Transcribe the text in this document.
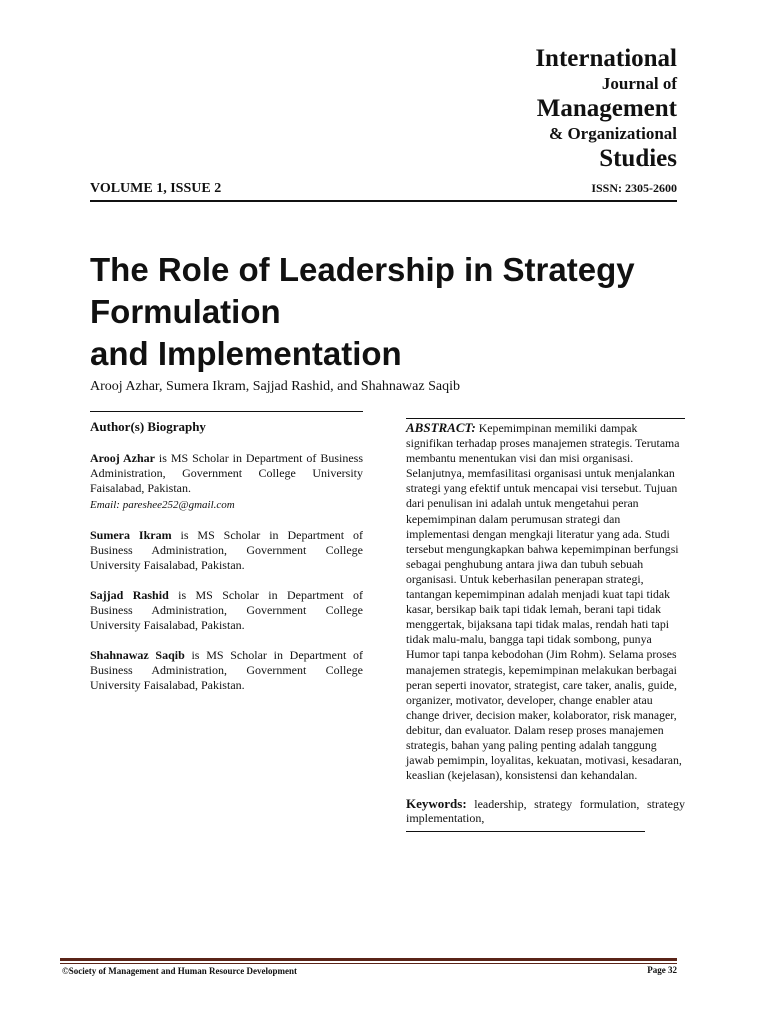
International
Journal of
Management
& Organizational
Studies
VOLUME 1, ISSUE 2	ISSN: 2305-2600
The Role of Leadership in Strategy
Formulation
and Implementation
Arooj Azhar, Sumera Ikram, Sajjad Rashid, and Shahnawaz Saqib
Author(s) Biography
Arooj Azhar is MS Scholar in Department of Business Administration, Government College University Faisalabad, Pakistan.
Email: pareshee252@gmail.com
Sumera Ikram is MS Scholar in Department of Business Administration, Government College University Faisalabad, Pakistan.
Sajjad Rashid is MS Scholar in Department of Business Administration, Government College University Faisalabad, Pakistan.
Shahnawaz Saqib is MS Scholar in Department of Business Administration, Government College University Faisalabad, Pakistan.

ABSTRACT: Kepemimpinan memiliki dampak signifikan terhadap proses manajemen strategis. Terutama membantu menentukan visi dan misi organisasi. Selanjutnya, memfasilitasi organisasi untuk menjalankan strategi yang efektif untuk mencapai visi tersebut. Tujuan dari penulisan ini adalah untuk mengetahui peran kepemimpinan dalam perumusan strategi dan implementasi dengan mengkaji literatur yang ada. Studi tersebut mengungkapkan bahwa kepemimpinan berfungsi sebagai penghubung antara jiwa dan tubuh sebuah organisasi. Untuk keberhasilan penerapan strategi, tantangan kepemimpinan adalah menjadi kuat tapi tidak kasar, bersikap baik tapi tidak lemah, berani tapi tidak menggertak, bijaksana tapi tidak malas, rendah hati tapi tidak malu-malu, bangga tapi tidak sombong, punya Humor tapi tanpa kebodohan (Jim Rohm). Selama proses manajemen strategis, kepemimpinan melakukan berbagai peran seperti inovator, strategist, care taker, analis, guide, organizer, motivator, developer, change enabler atau change driver, decision maker, kolaborator, risk manager, debitur, dan evaluator. Dalam resep proses manajemen strategis, bahan yang paling penting adalah tanggung jawab pemimpin, loyalitas, kekuatan, motivasi, kesadaran, keaslian (kejelasan), konsistensi dan kehandalan.

Keywords: leadership, strategy formulation, strategy implementation,
©Society of Management and Human Resource Development	Page 32
